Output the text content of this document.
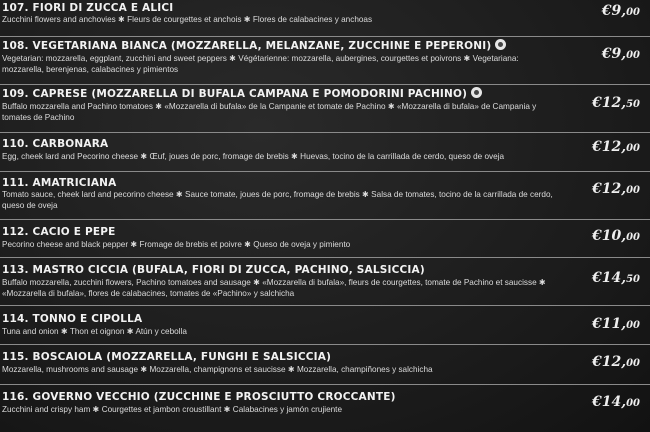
107. FIORI DI ZUCCA E ALICI
Zucchini flowers and anchovies ✱ Fleurs de courgettes et anchois ✱ Flores de calabacines y anchoas
€9,00
108. VEGETARIANA BIANCA (MOZZARELLA, MELANZANE, ZUCCHINE E PEPERONI)
Vegetarian: mozzarella, eggplant, zucchini and sweet peppers ✱ Végétarienne: mozzarella, aubergines, courgettes et poivrons ✱ Vegetariana: mozzarella, berenjenas, calabacines y pimientos
€9,00
109. CAPRESE (MOZZARELLA DI BUFALA CAMPANA E POMODORINI PACHINO)
Buffalo mozzarella and Pachino tomatoes ✱ «Mozzarella di bufala» de la Campanie et tomate de Pachino ✱ «Mozzarella di bufala» de Campania y tomates de Pachino
€12,50
110. CARBONARA
Egg, cheek lard and Pecorino cheese ✱ Œuf, joues de porc, fromage de brebis ✱ Huevas, tocino de la carrillada de cerdo, queso de oveja
€12,00
111. AMATRICIANA
Tomato sauce, cheek lard and pecorino cheese ✱ Sauce tomate, joues de porc, fromage de brebis ✱ Salsa de tomates, tocino de la carrillada de cerdo, queso de oveja
€12,00
112. CACIO E PEPE
Pecorino cheese and black pepper ✱ Fromage de brebis et poivre ✱ Queso de oveja y pimiento
€10,00
113. MASTRO CICCIA (BUFALA, FIORI DI ZUCCA, PACHINO, SALSICCIA)
Buffalo mozzarella, zucchini flowers, Pachino tomatoes and sausage ✱ «Mozzarella di bufala», fleurs de courgettes, tomate de Pachino et saucisse ✱ «Mozzarella di bufala», flores de calabacines, tomates de «Pachino» y salchicha
€14,50
114. TONNO E CIPOLLA
Tuna and onion ✱ Thon et oignon ✱ Atún y cebolla	€11,00
115. BOSCAIOLA (MOZZARELLA, FUNGHI E SALSICCIA)
Mozzarella, mushrooms and sausage ✱ Mozzarella, champignons et saucisse ✱ Mozzarella, champiñones y salchicha	€12,00
116. GOVERNO VECCHIO (ZUCCHINE E PROSCIUTTO CROCCANTE)
Zucchini and crispy ham ✱ Courgettes et jambon croustillant ✱ Calabacines y jamón crujiente	€14,00
